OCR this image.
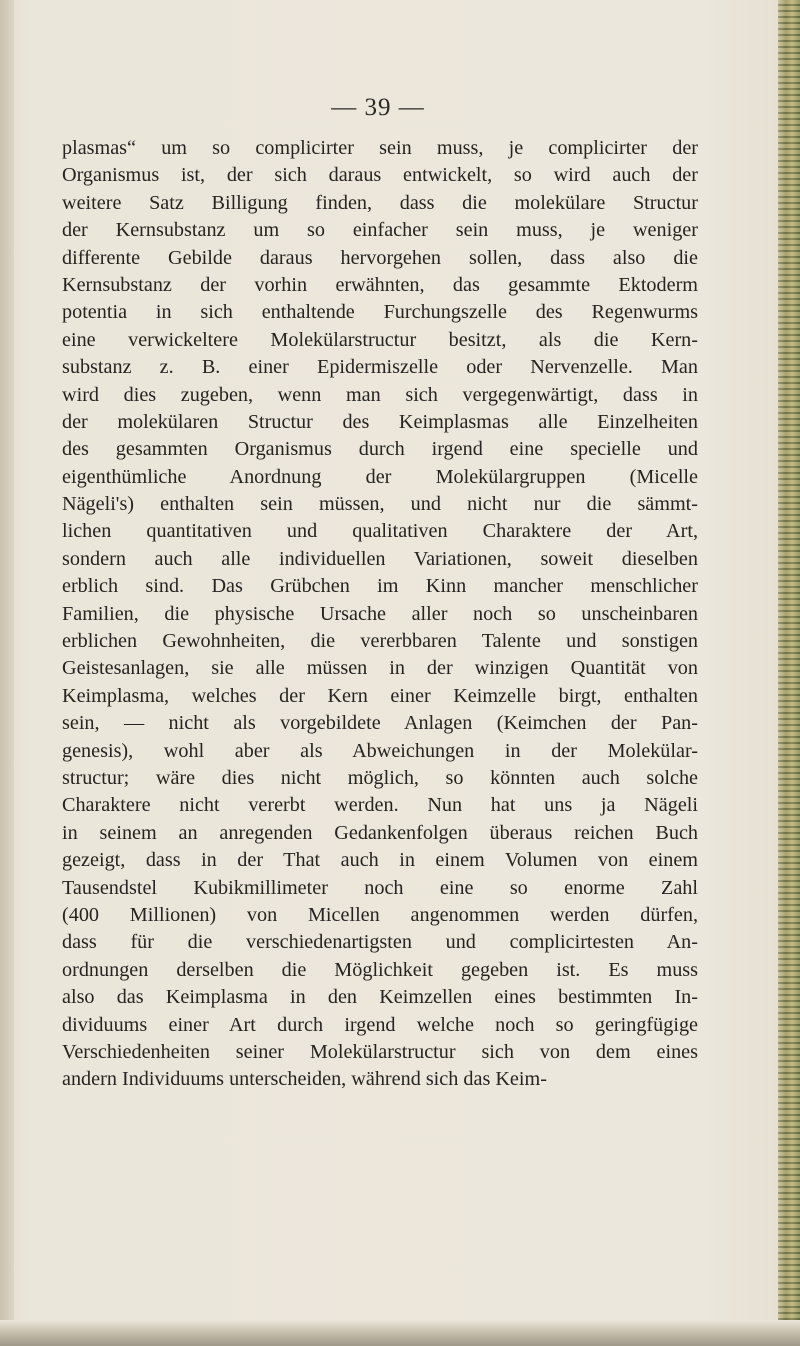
— 39 —
plasmas“ um so complicirter sein muss, je complicirter der
Organismus ist, der sich daraus entwickelt, so wird auch der
weitere Satz Billigung finden, dass die molekülare Structur
der Kernsubstanz um so einfacher sein muss, je weniger
differente Gebilde daraus hervorgehen sollen, dass also die
Kernsubstanz der vorhin erwähnten, das gesammte Ektoderm
potentia in sich enthaltende Furchungszelle des Regenwurms
eine verwickeltere Molekülarstructur besitzt, als die Kern-
substanz z. B. einer Epidermiszelle oder Nervenzelle. Man
wird dies zugeben, wenn man sich vergegenwärtigt, dass in
der molekülaren Structur des Keimplasmas alle Einzelheiten
des gesammten Organismus durch irgend eine specielle und
eigenthümliche Anordnung der Molekülargruppen (Micelle
Nägeli's) enthalten sein müssen, und nicht nur die sämmt-
lichen quantitativen und qualitativen Charaktere der Art,
sondern auch alle individuellen Variationen, soweit dieselben
erblich sind. Das Grübchen im Kinn mancher menschlicher
Familien, die physische Ursache aller noch so unscheinbaren
erblichen Gewohnheiten, die vererbbaren Talente und sonstigen
Geistesanlagen, sie alle müssen in der winzigen Quantität von
Keimplasma, welches der Kern einer Keimzelle birgt, enthalten
sein, — nicht als vorgebildete Anlagen (Keimchen der Pan-
genesis), wohl aber als Abweichungen in der Molekülar-
structur; wäre dies nicht möglich, so könnten auch solche
Charaktere nicht vererbt werden. Nun hat uns ja Nägeli
in seinem an anregenden Gedankenfolgen überaus reichen Buch
gezeigt, dass in der That auch in einem Volumen von einem
Tausendstel Kubikmillimeter noch eine so enorme Zahl
(400 Millionen) von Micellen angenommen werden dürfen,
dass für die verschiedenartigsten und complicirtesten An-
ordnungen derselben die Möglichkeit gegeben ist. Es muss
also das Keimplasma in den Keimzellen eines bestimmten In-
dividuums einer Art durch irgend welche noch so geringfügige
Verschiedenheiten seiner Molekülarstructur sich von dem eines
andern Individuums unterscheiden, während sich das Keim-
